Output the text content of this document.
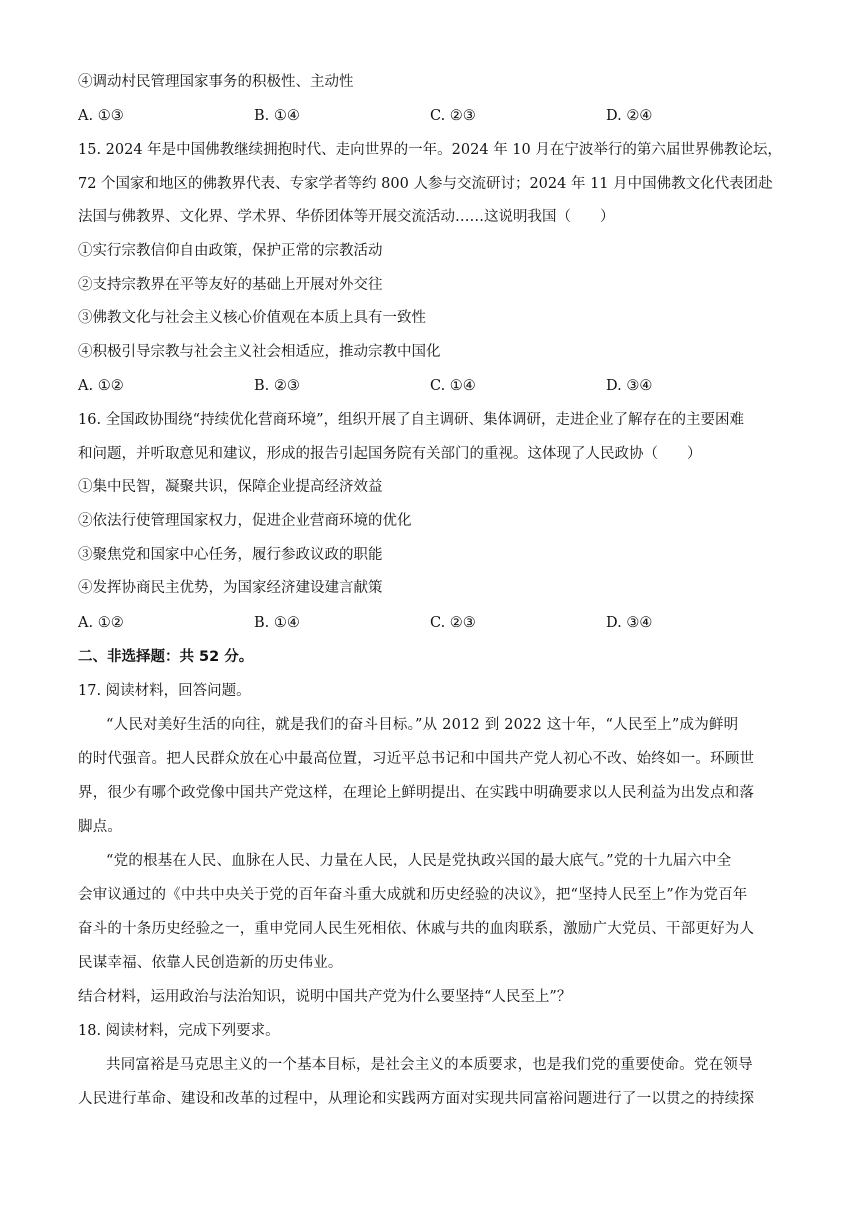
④调动村民管理国家事务的积极性、主动性
A. ①③	B. ①④	C. ②③	D. ②④
15. 2024 年是中国佛教继续拥抱时代、走向世界的一年。2024 年 10 月在宁波举行的第六届世界佛教论坛，
72 个国家和地区的佛教界代表、专家学者等约 800 人参与交流研讨；2024 年 11 月中国佛教文化代表团赴
法国与佛教界、文化界、学术界、华侨团体等开展交流活动……这说明我国（　　）
①实行宗教信仰自由政策，保护正常的宗教活动
②支持宗教界在平等友好的基础上开展对外交往
③佛教文化与社会主义核心价值观在本质上具有一致性
④积极引导宗教与社会主义社会相适应，推动宗教中国化
A. ①②	B. ②③	C. ①④	D. ③④
16. 全国政协围绕“持续优化营商环境”，组织开展了自主调研、集体调研，走进企业了解存在的主要困难
和问题，并听取意见和建议，形成的报告引起国务院有关部门的重视。这体现了人民政协（　　）
①集中民智，凝聚共识，保障企业提高经济效益
②依法行使管理国家权力，促进企业营商环境的优化
③聚焦党和国家中心任务，履行参政议政的职能
④发挥协商民主优势，为国家经济建设建言献策
A. ①②	B. ①④	C. ②③	D. ③④
二、非选择题：共 52 分。
17. 阅读材料，回答问题。
“人民对美好生活的向往，就是我们的奋斗目标。”从 2012 到 2022 这十年，“人民至上”成为鲜明
的时代强音。把人民群众放在心中最高位置，习近平总书记和中国共产党人初心不改、始终如一。环顾世
界，很少有哪个政党像中国共产党这样，在理论上鲜明提出、在实践中明确要求以人民利益为出发点和落
脚点。
“党的根基在人民、血脉在人民、力量在人民，人民是党执政兴国的最大底气。”党的十九届六中全
会审议通过的《中共中央关于党的百年奋斗重大成就和历史经验的决议》，把“坚持人民至上”作为党百年
奋斗的十条历史经验之一，重申党同人民生死相依、休戚与共的血肉联系，激励广大党员、干部更好为人
民谋幸福、依靠人民创造新的历史伟业。
结合材料，运用政治与法治知识，说明中国共产党为什么要坚持“人民至上”？
18. 阅读材料，完成下列要求。
共同富裕是马克思主义的一个基本目标，是社会主义的本质要求，也是我们党的重要使命。党在领导
人民进行革命、建设和改革的过程中，从理论和实践两方面对实现共同富裕问题进行了一以贯之的持续探
